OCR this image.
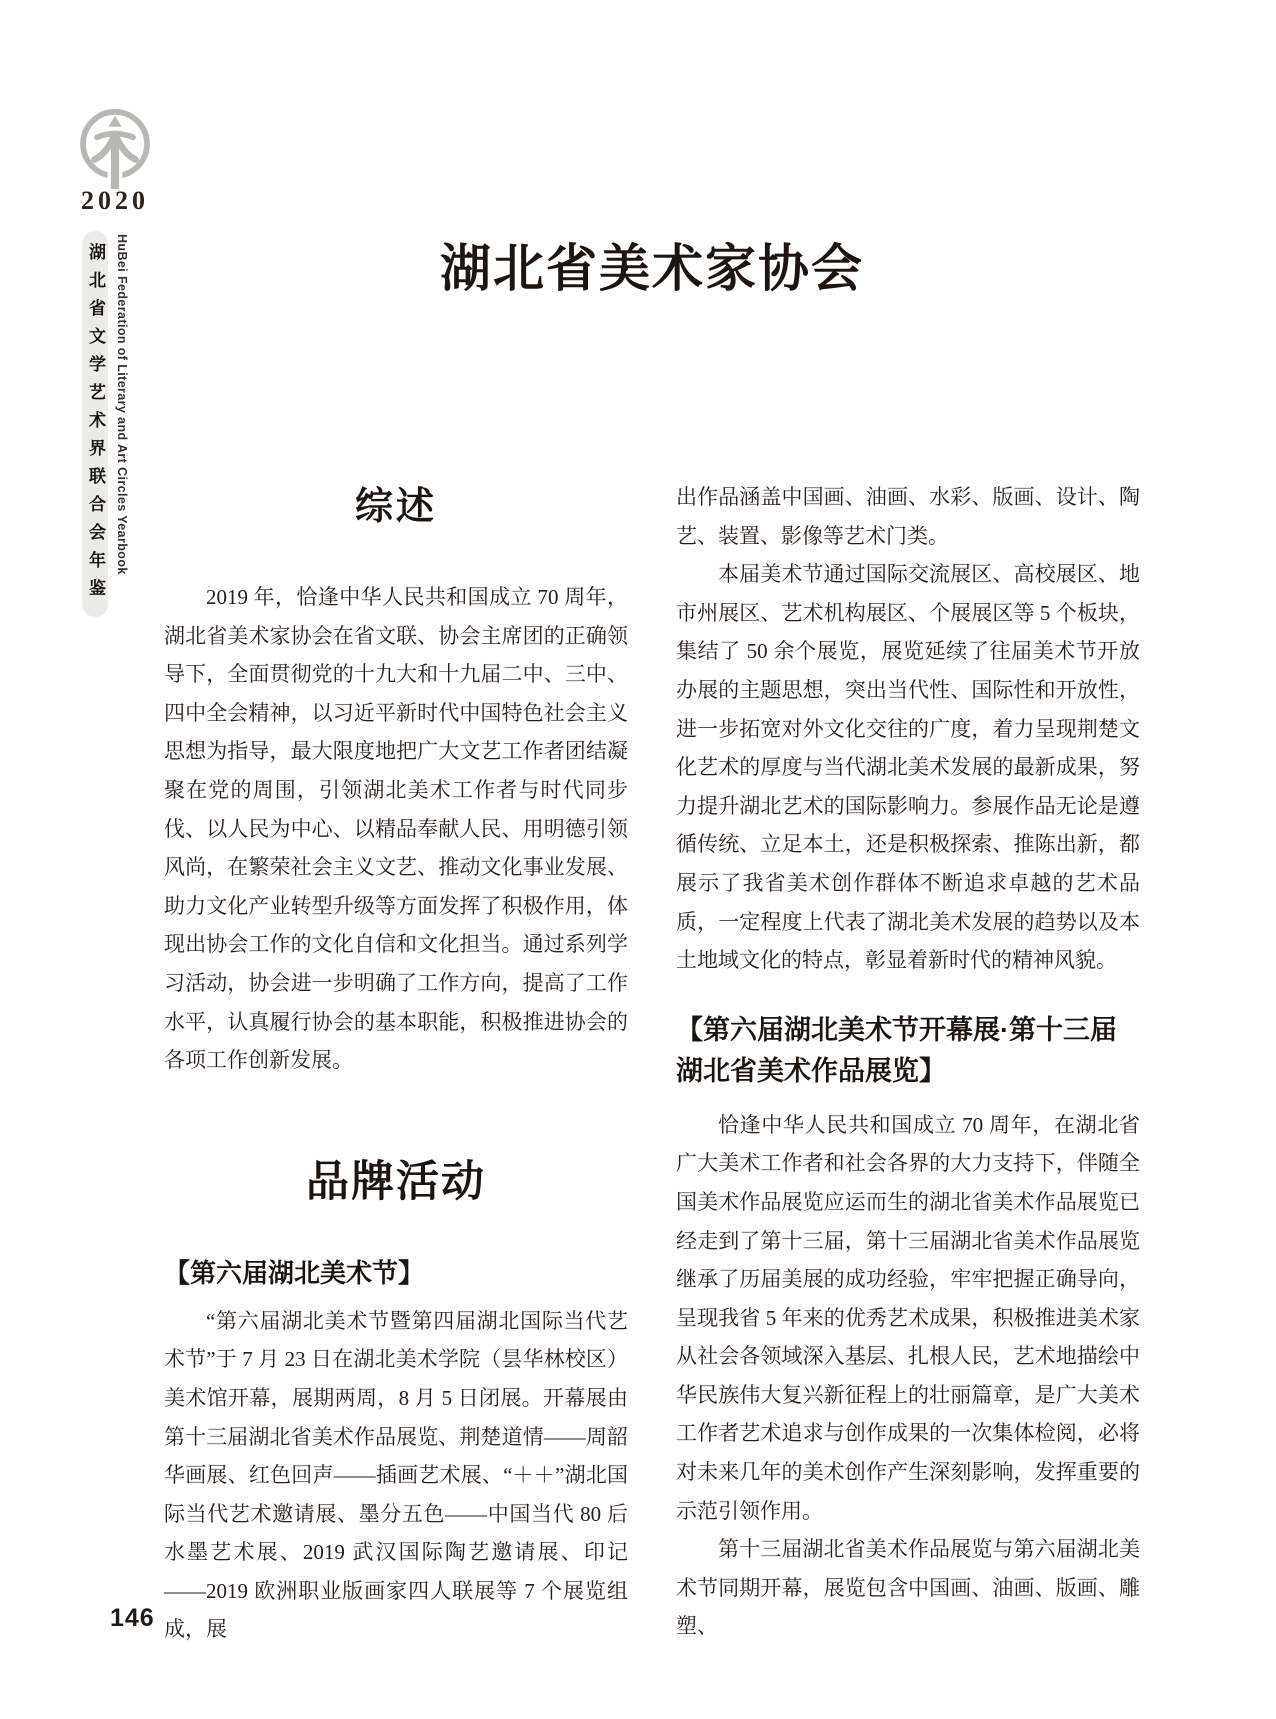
2020
湖北省文学艺术界联合会年鉴 HuBei Federation of Literary and Art Circles Yearbook	湖北省美术家协会
综述

2019 年，恰逢中华人民共和国成立 70 周年，湖北省美术家协会在省文联、协会主席团的正确领导下，全面贯彻党的十九大和十九届二中、三中、四中全会精神，以习近平新时代中国特色社会主义思想为指导，最大限度地把广大文艺工作者团结凝聚在党的周围，引领湖北美术工作者与时代同步伐、以人民为中心、以精品奉献人民、用明德引领风尚，在繁荣社会主义文艺、推动文化事业发展、助力文化产业转型升级等方面发挥了积极作用，体现出协会工作的文化自信和文化担当。通过系列学习活动，协会进一步明确了工作方向，提高了工作水平，认真履行协会的基本职能，积极推进协会的各项工作创新发展。

品牌活动
【第六届湖北美术节】

“第六届湖北美术节暨第四届湖北国际当代艺术节”于 7 月 23 日在湖北美术学院（昙华林校区）美术馆开幕，展期两周，8 月 5 日闭展。开幕展由第十三届湖北省美术作品展览、荆楚道情——周韶华画展、红色回声——插画艺术展、“＋＋”湖北国际当代艺术邀请展、墨分五色——中国当代 80 后水墨艺术展、2019 武汉国际陶艺邀请展、印记——2019 欧洲职业版画家四人联展等 7 个展览组成，展

出作品涵盖中国画、油画、水彩、版画、设计、陶艺、装置、影像等艺术门类。

本届美术节通过国际交流展区、高校展区、地市州展区、艺术机构展区、个展展区等 5 个板块，集结了 50 余个展览，展览延续了往届美术节开放办展的主题思想，突出当代性、国际性和开放性，进一步拓宽对外文化交往的广度，着力呈现荆楚文化艺术的厚度与当代湖北美术发展的最新成果，努力提升湖北艺术的国际影响力。参展作品无论是遵循传统、立足本土，还是积极探索、推陈出新，都展示了我省美术创作群体不断追求卓越的艺术品质，一定程度上代表了湖北美术发展的趋势以及本土地域文化的特点，彰显着新时代的精神风貌。

【第六届湖北美术节开幕展·第十三届湖北省美术作品展览】

恰逢中华人民共和国成立 70 周年，在湖北省广大美术工作者和社会各界的大力支持下，伴随全国美术作品展览应运而生的湖北省美术作品展览已经走到了第十三届，第十三届湖北省美术作品展览继承了历届美展的成功经验，牢牢把握正确导向，呈现我省 5 年来的优秀艺术成果，积极推进美术家从社会各领域深入基层、扎根人民，艺术地描绘中华民族伟大复兴新征程上的壮丽篇章，是广大美术工作者艺术追求与创作成果的一次集体检阅，必将对未来几年的美术创作产生深刻影响，发挥重要的示范引领作用。

第十三届湖北省美术作品展览与第六届湖北美术节同期开幕，展览包含中国画、油画、版画、雕塑、

146
